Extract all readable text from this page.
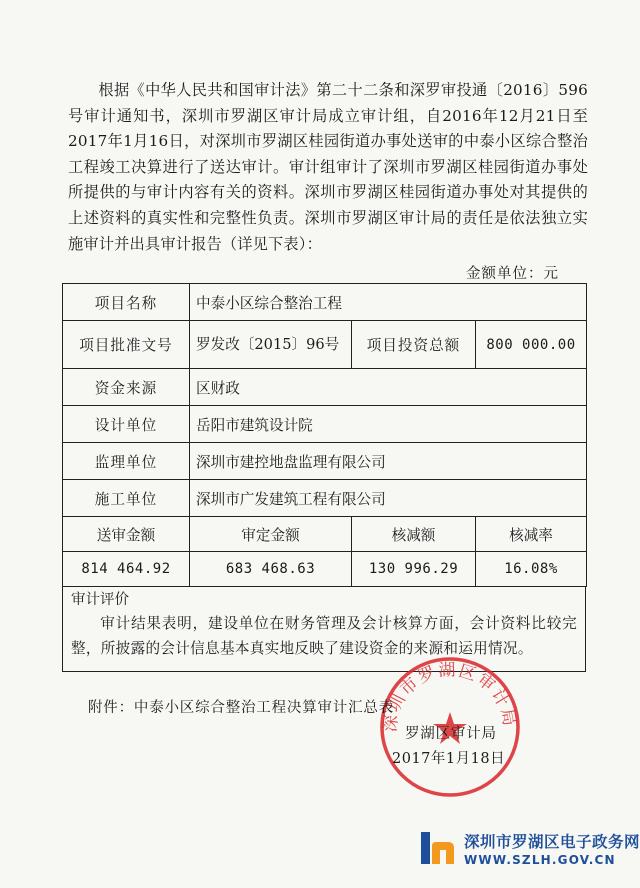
根据《中华人民共和国审计法》第二十二条和深罗审投通〔2016〕596号审计通知书，深圳市罗湖区审计局成立审计组，自2016年12月21日至2017年1月16日，对深圳市罗湖区桂园街道办事处送审的中泰小区综合整治工程竣工决算进行了送达审计。审计组审计了深圳市罗湖区桂园街道办事处所提供的与审计内容有关的资料。深圳市罗湖区桂园街道办事处对其提供的上述资料的真实性和完整性负责。深圳市罗湖区审计局的责任是依法独立实施审计并出具审计报告（详见下表）：
金额单位：元
项目名称	中泰小区综合整治工程		
项目批准文号	罗发改〔2015〕96号	项目投资总额	800 000.00
资金来源	区财政		
设计单位	岳阳市建筑设计院		
监理单位	深圳市建控地盘监理有限公司		
施工单位	深圳市广发建筑工程有限公司		
送审金额	审定金额	核减额	核减率
814 464.92	683 468.63	130 996.29	16.08%
审计评价
审计结果表明，建设单位在财务管理及会计核算方面，会计资料比较完整，所披露的会计信息基本真实地反映了建设资金的来源和运用情况。
深圳市罗湖区审计局
附件：中泰小区综合整治工程决算审计汇总表
罗湖区审计局
2017年1月18日
深圳市罗湖区电子政务网
WWW.SZLH.GOV.CN
